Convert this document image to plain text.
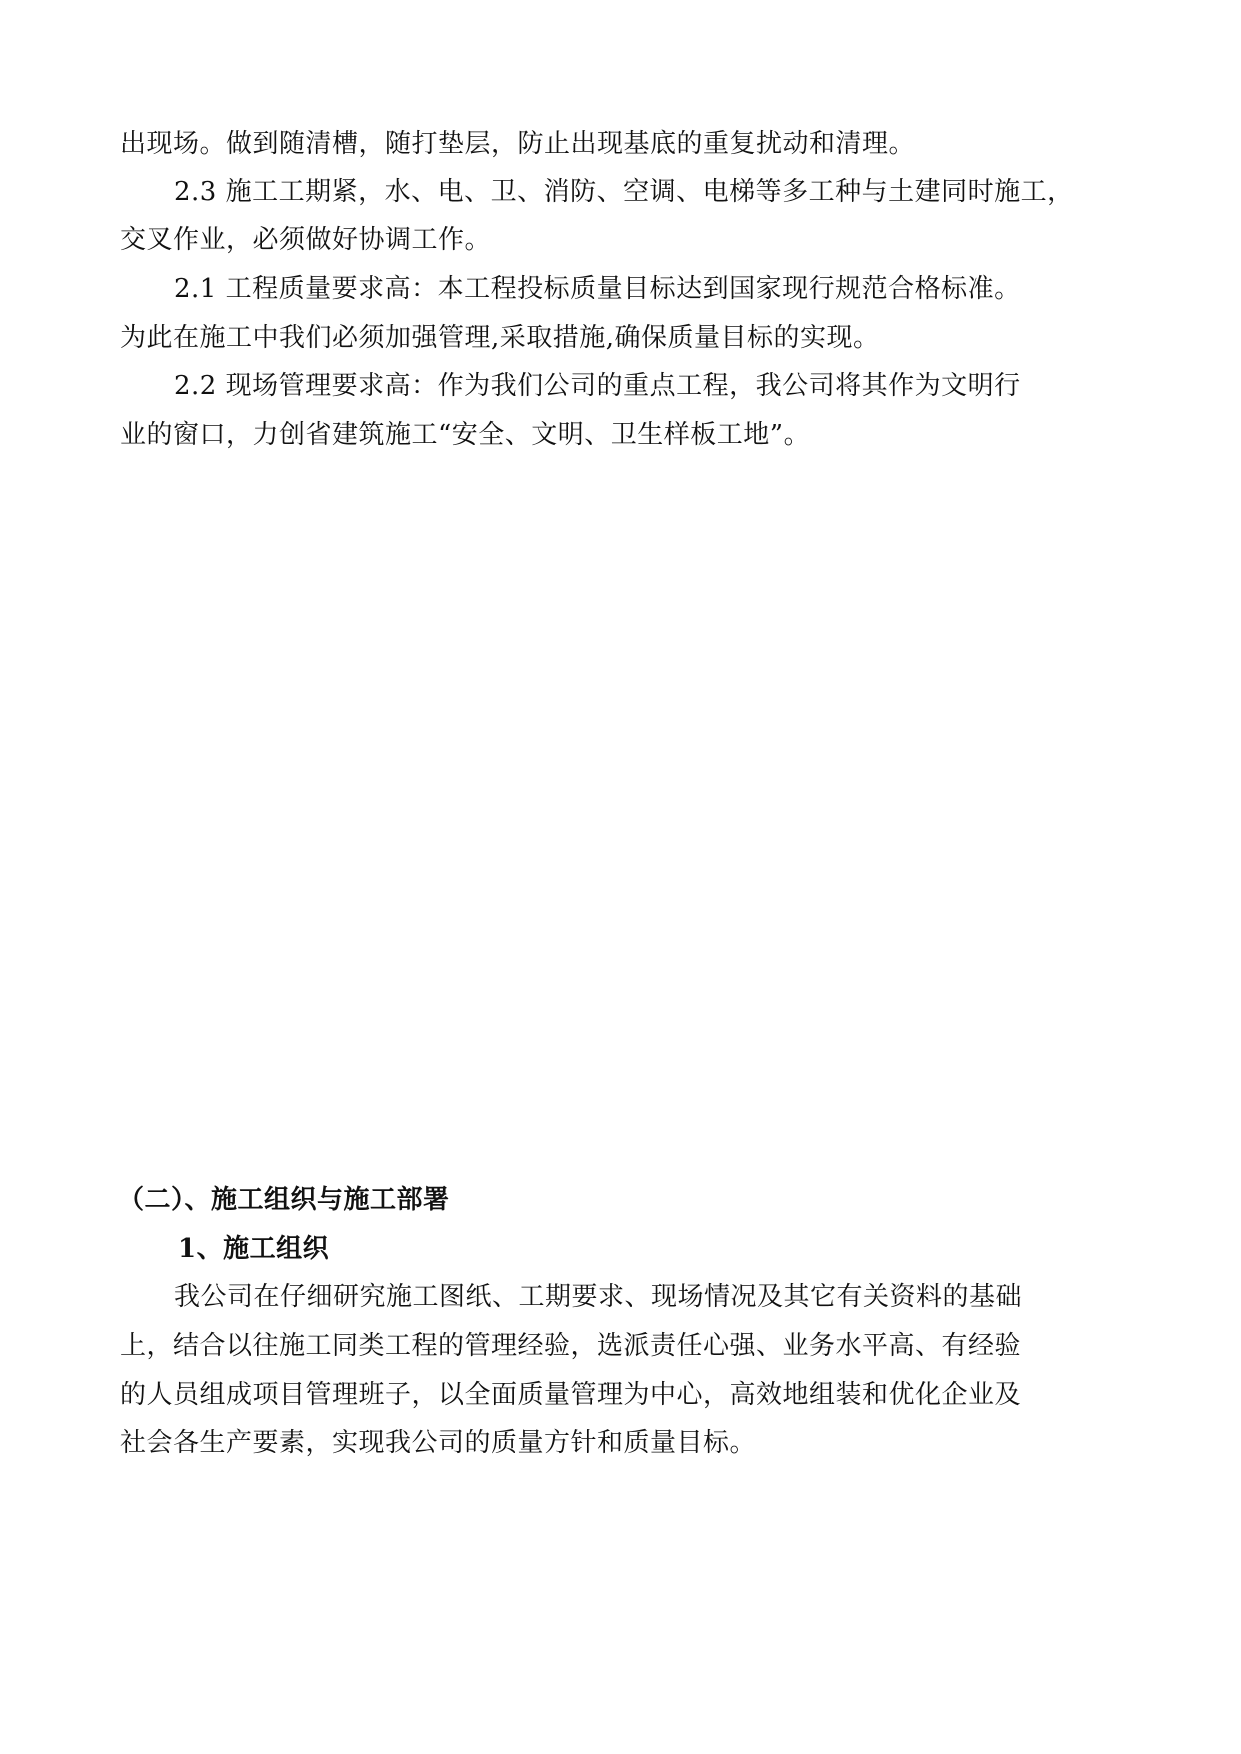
出现场。做到随清槽，随打垫层，防止出现基底的重复扰动和清理。
2.3 施工工期紧，水、电、卫、消防、空调、电梯等多工种与土建同时施工，
交叉作业，必须做好协调工作。
2.1 工程质量要求高：本工程投标质量目标达到国家现行规范合格标准。
为此在施工中我们必须加强管理,采取措施,确保质量目标的实现。
2.2 现场管理要求高：作为我们公司的重点工程，我公司将其作为文明行
业的窗口，力创省建筑施工“安全、文明、卫生样板工地”。
（二）、施工组织与施工部署
1、施工组织
我公司在仔细研究施工图纸、工期要求、现场情况及其它有关资料的基础
上，结合以往施工同类工程的管理经验，选派责任心强、业务水平高、有经验
的人员组成项目管理班子，以全面质量管理为中心，高效地组装和优化企业及
社会各生产要素，实现我公司的质量方针和质量目标。
